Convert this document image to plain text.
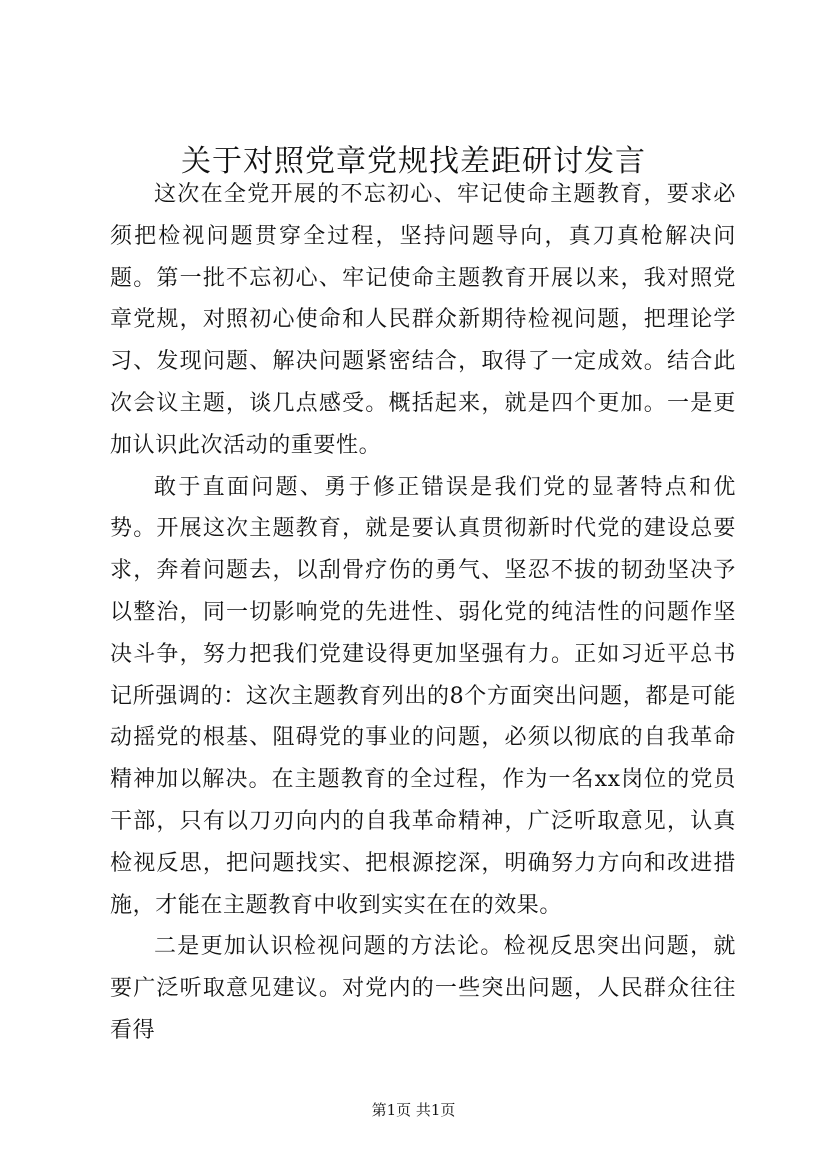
关于对照党章党规找差距研讨发言

这次在全党开展的不忘初心、牢记使命主题教育，要求必须把检视问题贯穿全过程，坚持问题导向，真刀真枪解决问题。第一批不忘初心、牢记使命主题教育开展以来，我对照党章党规，对照初心使命和人民群众新期待检视问题，把理论学习、发现问题、解决问题紧密结合，取得了一定成效。结合此次会议主题，谈几点感受。概括起来，就是四个更加。一是更加认识此次活动的重要性。

敢于直面问题、勇于修正错误是我们党的显著特点和优势。开展这次主题教育，就是要认真贯彻新时代党的建设总要求，奔着问题去，以刮骨疗伤的勇气、坚忍不拔的韧劲坚决予以整治，同一切影响党的先进性、弱化党的纯洁性的问题作坚决斗争，努力把我们党建设得更加坚强有力。正如习近平总书记所强调的：这次主题教育列出的8个方面突出问题，都是可能动摇党的根基、阻碍党的事业的问题，必须以彻底的自我革命精神加以解决。在主题教育的全过程，作为一名xx岗位的党员干部，只有以刀刃向内的自我革命精神，广泛听取意见，认真检视反思，把问题找实、把根源挖深，明确努力方向和改进措施，才能在主题教育中收到实实在在的效果。

二是更加认识检视问题的方法论。检视反思突出问题，就要广泛听取意见建议。对党内的一些突出问题，人民群众往往看得

第1页 共1页
